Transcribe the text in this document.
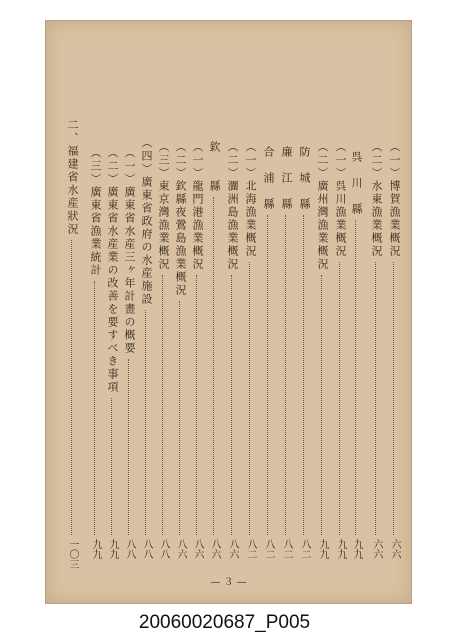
（一）博賀漁業概況
六六
（二）水東漁業概況
六六
呉　川　縣
九九
（一）呉川漁業概況
九九
（二）廣州灣漁業概況
九九
防　城　縣
八二
廉　江　縣
八二
合　浦　縣
八二
（一）北海漁業概況
八二
（二）潿洲島漁業概況
八六
欽　　縣
八六
（一）龍門港漁業概況
八六
（二）欽縣夜鶯島漁業概況
八六
（三）東京灣漁業概況
八八
（四）廣東省政府の水産施設
八八
（一）廣東省水産三ヶ年計畫の概要
八八
（二）廣東省水産業の改善を要すべき事項
九九
（三）廣東省漁業統計
九九
二、福建省水産狀況
一〇三
— ３ —
20060020687_P005
